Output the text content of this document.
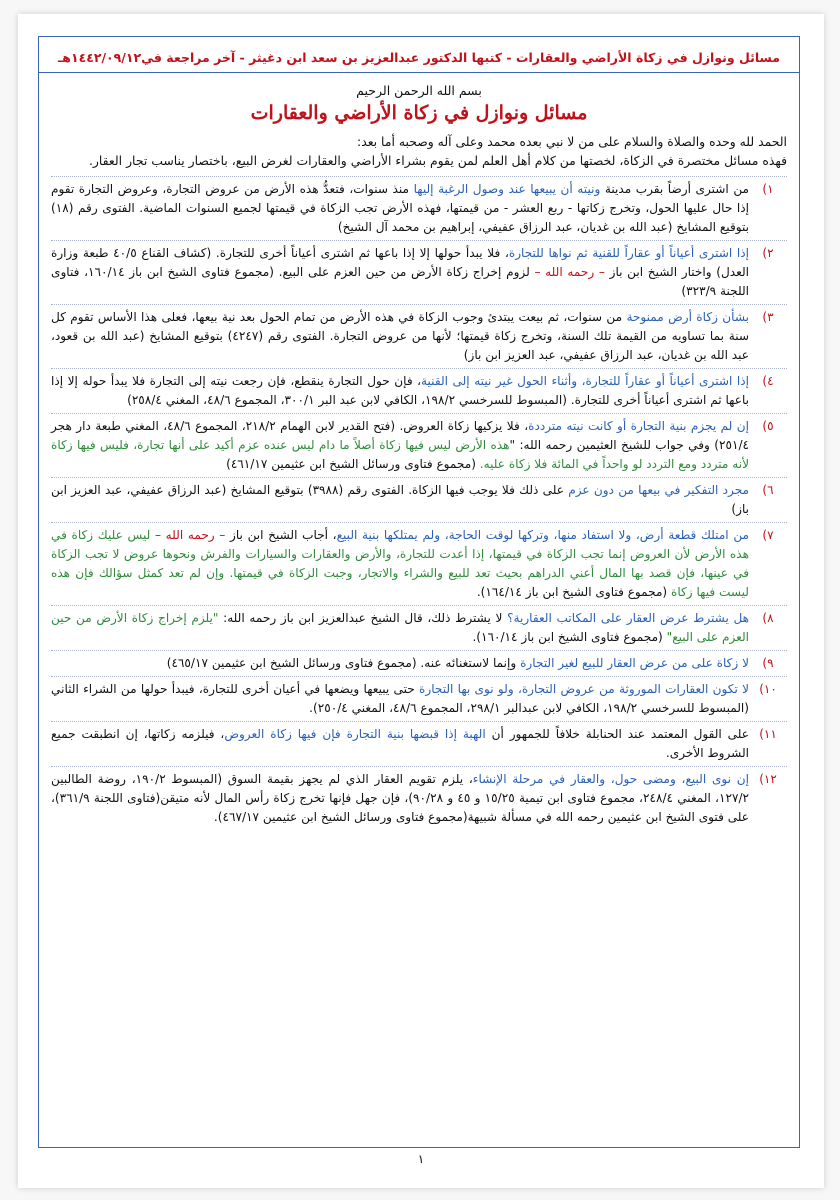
مسائل ونوازل في زكاة الأراضي والعقارات - كتبها الدكتور عبدالعزيز بن سعد ابن دغيثر - آخر مراجعة في١٤٤٢/٠٩/١٢هـ
بسم الله الرحمن الرحيم
مسائل ونوازل في زكاة الأراضي والعقارات

الحمد لله وحده والصلاة والسلام على من لا نبي بعده محمد وعلى آله وصحبه أما بعد:

فهذه مسائل مختصرة في الزكاة، لخصتها من كلام أهل العلم لمن يقوم بشراء الأراضي والعقارات لغرض البيع، باختصار يناسب تجار العقار.

١)

من اشترى أرضاً بقرب مدينة ونيته أن يبيعها عند وصول الرغبة إليها منذ سنوات، فتعدُّ هذه الأرض من عروض التجارة، وعروض التجارة تقوم إذا حال عليها الحول، وتخرج زكاتها - ربع العشر - من قيمتها، فهذه الأرض تجب الزكاة في قيمتها لجميع السنوات الماضية. الفتوى رقم (١٨) بتوقيع المشايخ (عبد الله بن غديان، عبد الرزاق عفيفي، إبراهيم بن محمد آل الشيخ)

٢)

إذا اشترى أعياناً أو عقاراً للقنية ثم نواها للتجارة، فلا يبدأ حولها إلا إذا باعها ثم اشترى أعياناً أخرى للتجارة. (كشاف القناع ٤٠/٥ طبعة وزارة العدل) واختار الشيخ ابن باز – رحمه الله – لزوم إخراج زكاة الأرض من حين العزم على البيع. (مجموع فتاوى الشيخ ابن باز ١٦٠/١٤، فتاوى اللجنة ٣٢٣/٩)

٣)

بشأن زكاة أرض ممنوحة من سنوات، ثم بيعت يبتدئ وجوب الزكاة في هذه الأرض من تمام الحول بعد نية بيعها، فعلى هذا الأساس تقوم كل سنة بما تساويه من القيمة تلك السنة، وتخرج زكاة قيمتها؛ لأنها من عروض التجارة. الفتوى رقم (٤٢٤٧) بتوقيع المشايخ (عبد الله بن قعود، عبد الله بن غديان، عبد الرزاق عفيفي، عبد العزيز ابن باز)

٤)

إذا اشترى أعياناً أو عقاراً للتجارة، وأثناء الحول غير نيته إلى القنية، فإن حول التجارة ينقطع، فإن رجعت نيته إلى التجارة فلا يبدأ حوله إلا إذا باعها ثم اشترى أعياناً أخرى للتجارة. (المبسوط للسرخسي ١٩٨/٢، الكافي لابن عبد البر ٣٠٠/١، المجموع ٤٨/٦، المغني ٢٥٨/٤)

٥)

إن لم يجزم بنية التجارة أو كانت نيته مترددة، فلا يزكيها زكاة العروض. (فتح القدير لابن الهمام ٢١٨/٢، المجموع ٤٨/٦، المغني طبعة دار هجر ٢٥١/٤) وفي جواب للشيخ العثيمين رحمه الله: "هذه الأرض ليس فيها زكاة أصلاً ما دام ليس عنده عزم أكيد على أنها تجارة، فليس فيها زكاة لأنه متردد ومع التردد لو واحداً في المائة فلا زكاة عليه. (مجموع فتاوى ورسائل الشيخ ابن عثيمين ٤٦١/١٧)

٦)

مجرد التفكير في بيعها من دون عزم على ذلك فلا يوجب فيها الزكاة. الفتوى رقم (٣٩٨٨) بتوقيع المشايخ (عبد الرزاق عفيفي، عبد العزيز ابن باز)

٧)

من امتلك قطعة أرض، ولا استفاد منها، وتركها لوقت الحاجة، ولم يمتلكها بنية البيع، أجاب الشيخ ابن باز – رحمه الله – ليس عليك زكاة في هذه الأرض لأن العروض إنما تجب الزكاة في قيمتها، إذا أعدت للتجارة، والأرض والعقارات والسيارات والفرش ونحوها عروض لا تجب الزكاة في عينها، فإن قصد بها المال أعني الدراهم بحيث تعد للبيع والشراء والاتجار، وجبت الزكاة في قيمتها. وإن لم تعد كمثل سؤالك فإن هذه ليست فيها زكاة (مجموع فتاوى الشيخ ابن باز ١٦٤/١٤).

٨)

هل يشترط عرض العقار على المكاتب العقارية؟ لا يشترط ذلك، قال الشيخ عبدالعزيز ابن باز رحمه الله: "يلزم إخراج زكاة الأرض من حين العزم على البيع" (مجموع فتاوى الشيخ ابن باز ١٦٠/١٤).

٩)

لا زكاة على من عرض العقار للبيع لغير التجارة وإنما لاستغنائه عنه. (مجموع فتاوى ورسائل الشيخ ابن عثيمين ٤٦٥/١٧)

١٠)

لا تكون العقارات الموروثة من عروض التجارة، ولو نوى بها التجارة حتى يبيعها ويضعها في أعيان أخرى للتجارة، فيبدأ حولها من الشراء الثاني (المبسوط للسرخسي ١٩٨/٢، الكافي لابن عبدالبر ٢٩٨/١، المجموع ٤٨/٦، المغني ٢٥٠/٤).

١١)

على القول المعتمد عند الحنابلة خلافاً للجمهور أن الهبة إذا قبضها بنية التجارة فإن فيها زكاة العروض، فيلزمه زكاتها، إن انطبقت جميع الشروط الأخرى.

١٢)

إن نوى البيع، ومضى حول، والعقار في مرحلة الإنشاء، يلزم تقويم العقار الذي لم يجهز بقيمة السوق (المبسوط ١٩٠/٢، روضة الطالبين ١٢٧/٢، المغني ٢٤٨/٤، مجموع فتاوى ابن تيمية ١٥/٢٥ و ٤٥ و ٩٠/٢٨)، فإن جهل فإنها تخرج زكاة رأس المال لأنه متيقن(فتاوى اللجنة ٣٦١/٩)، على فتوى الشيخ ابن عثيمين رحمه الله في مسألة شبيهة(مجموع فتاوى ورسائل الشيخ ابن عثيمين ٤٦٧/١٧).

١
